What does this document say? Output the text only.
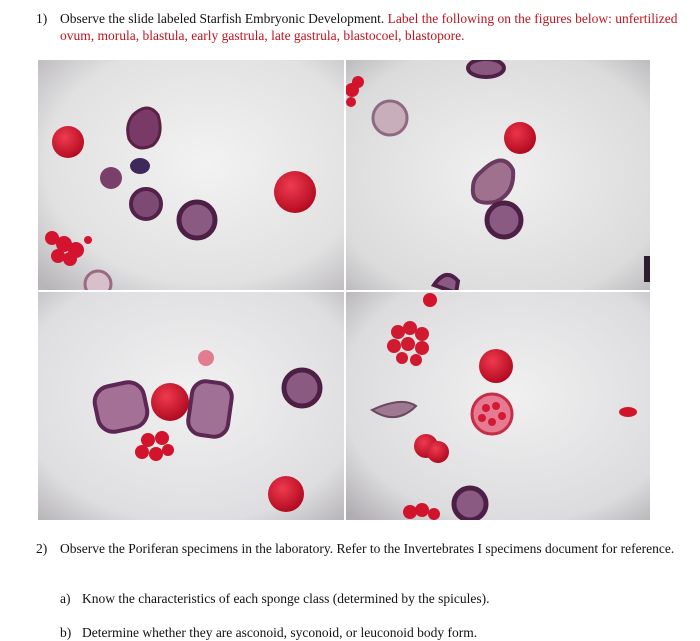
1) Observe the slide labeled Starfish Embryonic Development. Label the following on the figures below: unfertilized ovum, morula, blastula, early gastrula, late gastrula, blastocoel, blastopore.
2) Observe the Poriferan specimens in the laboratory. Refer to the Invertebrates I specimens document for reference.
a) Know the characteristics of each sponge class (determined by the spicules).
b) Determine whether they are asconoid, syconoid, or leuconoid body form.
